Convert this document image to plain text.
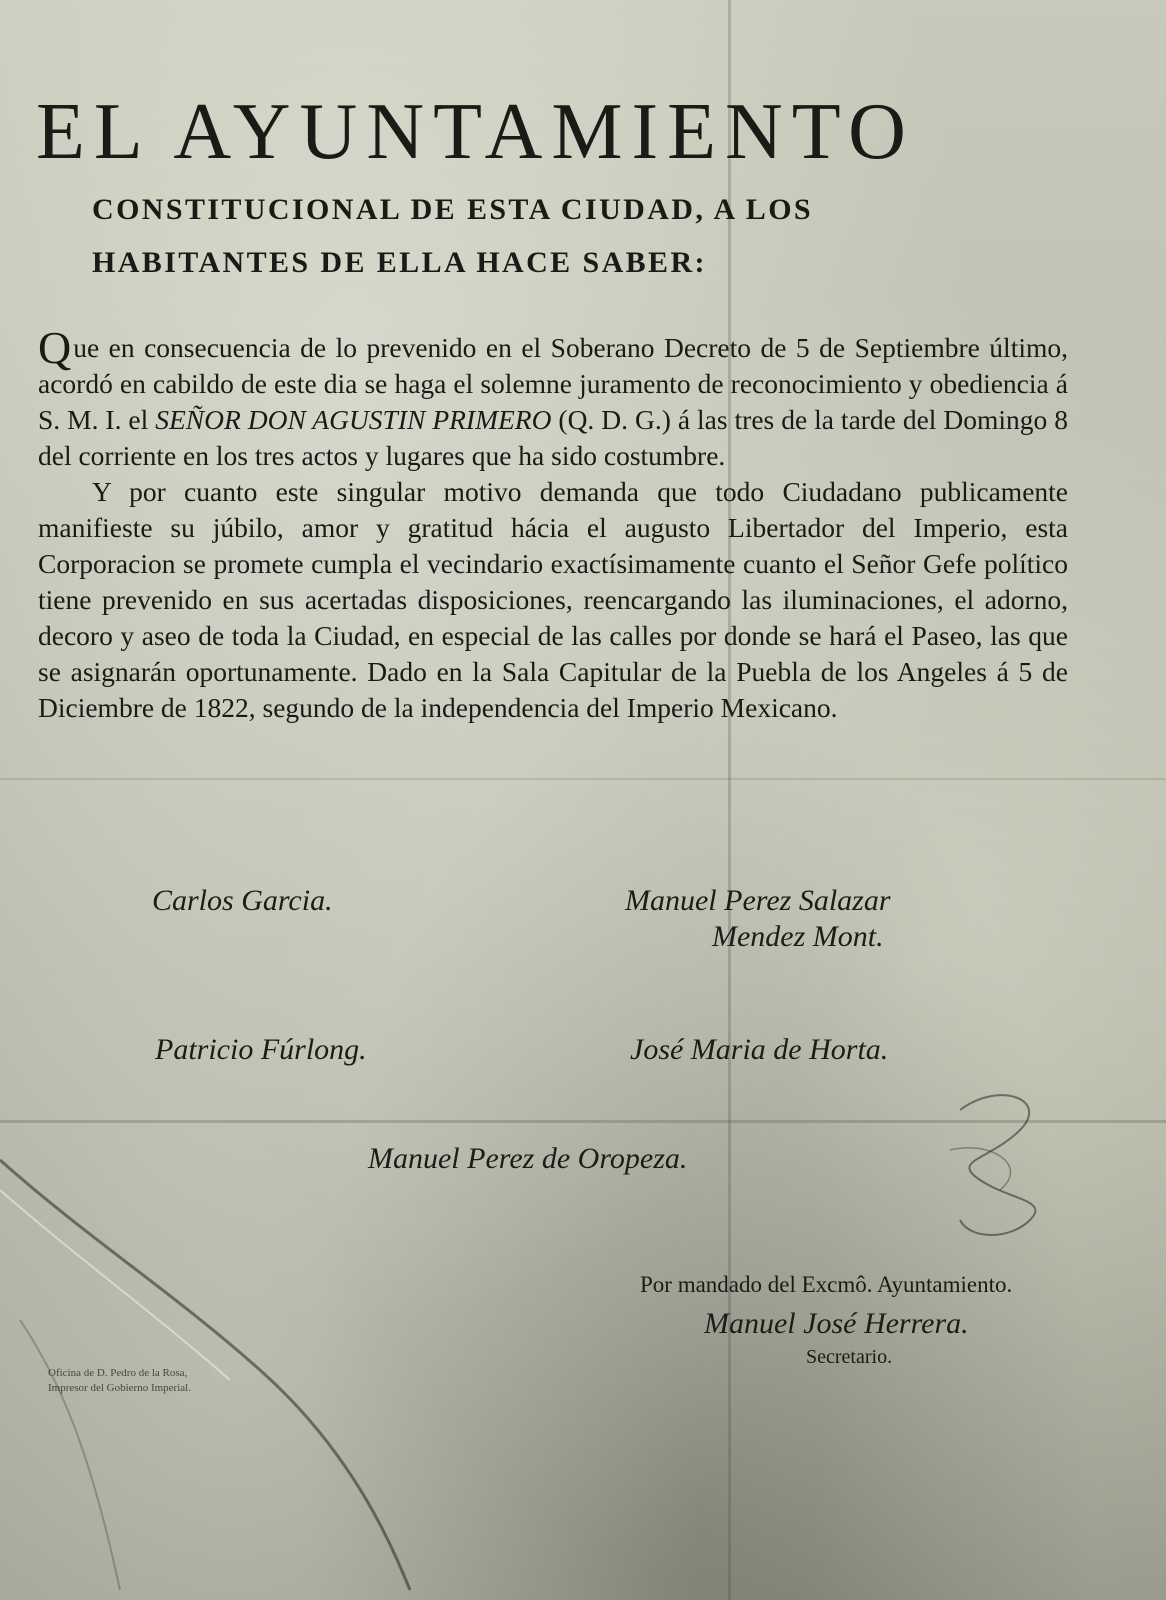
EL AYUNTAMIENTO
CONSTITUCIONAL DE ESTA CIUDAD, A LOS
HABITANTES DE ELLA HACE SABER:

Que en consecuencia de lo prevenido en el Soberano Decreto de 5 de Septiembre último, acordó en cabildo de este dia se haga el solemne juramento de reconocimiento y obediencia á S. M. I. el SEÑOR DON AGUSTIN PRIMERO (Q. D. G.) á las tres de la tarde del Domingo 8 del corriente en los tres actos y lugares que ha sido costumbre.

Y por cuanto este singular motivo demanda que todo Ciudadano publicamente manifieste su júbilo, amor y gratitud hácia el augusto Libertador del Imperio, esta Corporacion se promete cumpla el vecindario exactísimamente cuanto el Señor Gefe político tiene prevenido en sus acertadas disposiciones, reencargando las iluminaciones, el adorno, decoro y aseo de toda la Ciudad, en especial de las calles por donde se hará el Paseo, las que se asignarán oportunamente. Dado en la Sala Capitular de la Puebla de los Angeles á 5 de Diciembre de 1822, segundo de la independencia del Imperio Mexicano.

Carlos Garcia.	Manuel Perez Salazar
Mendez Mont.
Patricio Fúrlong.	José Maria de Horta.
Manuel Perez de Oropeza.
Por mandado del Excmô. Ayuntamiento.
Manuel José Herrera.
Secretario.
Oficina de D. Pedro de la Rosa,
Impresor del Gobierno Imperial.
